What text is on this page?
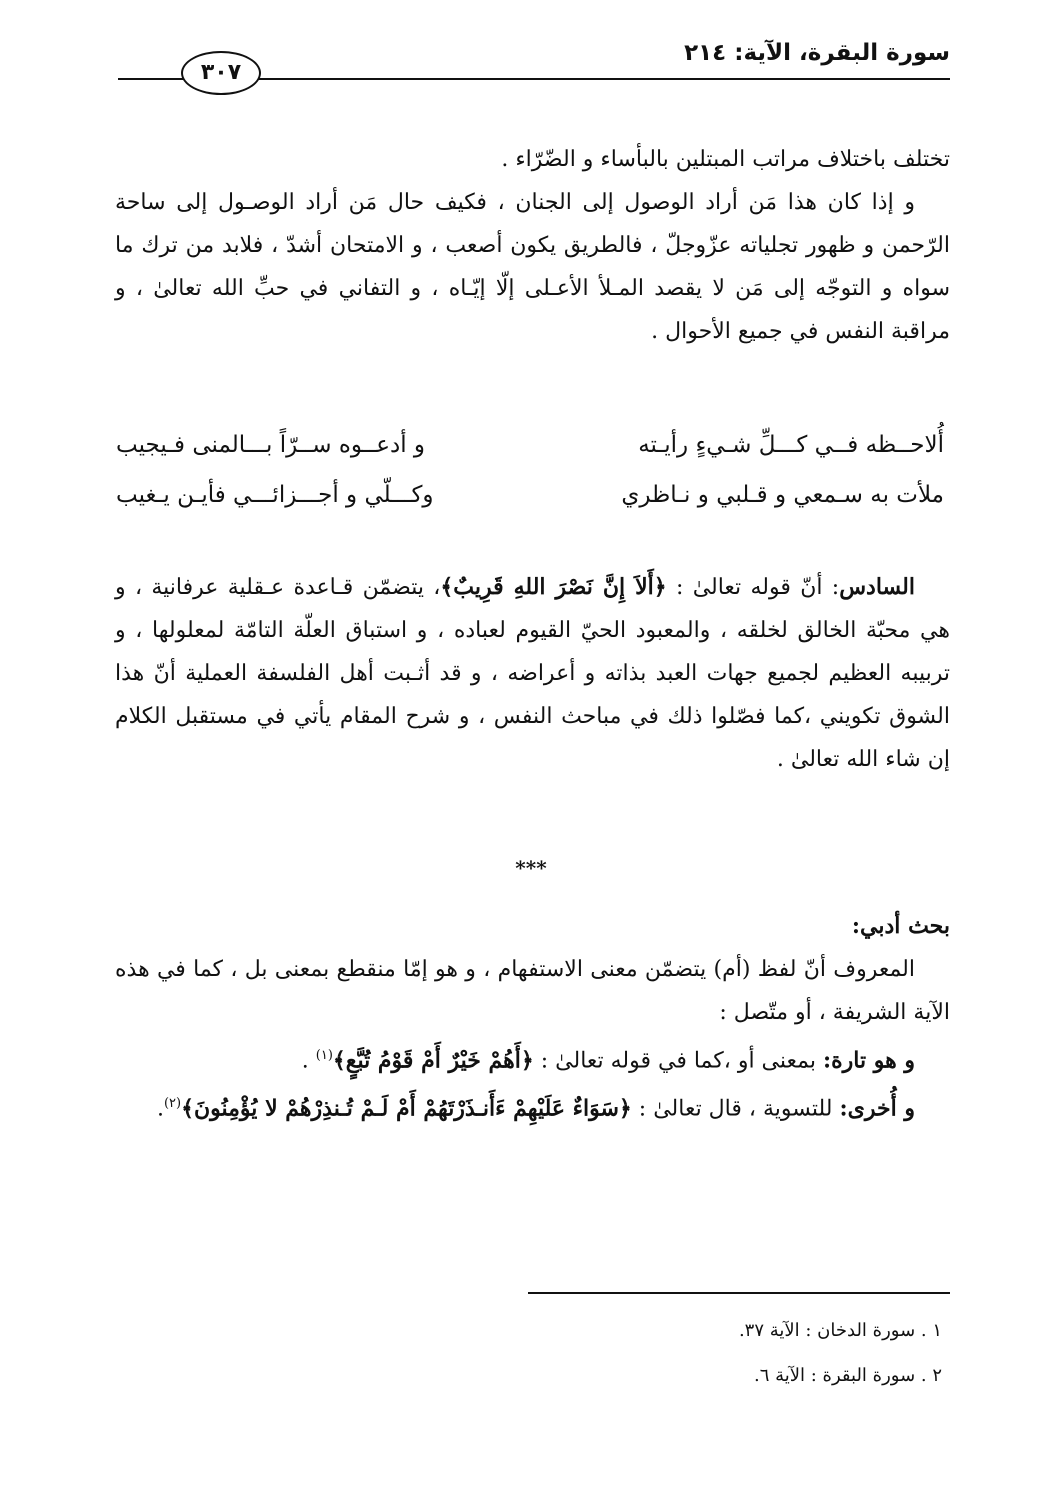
سورة البقرة، الآية: ٢١٤
٣٠٧

تختلف باختلاف مراتب المبتلين بالبأساء و الضّرّاء .

و إذا كان هذا مَن أراد الوصول إلى الجنان ، فكيف حال مَن أراد الوصـول إلى ساحة الرّحمن و ظهور تجلياته عزّوجلّ ، فالطريق يكون أصعب ، و الامتحان أشدّ ، فلابد من ترك ما سواه و التوجّه إلى مَن لا يقصد المـلأ الأعـلى إلّا إيّـاه ، و التفاني في حبِّ الله تعالىٰ ، و مراقبة النفس في جميع الأحوال .

أُلاحــظه فــي كـــلِّ شـيءٍ رأيـته
و أدعــوه ســرّاً بـــالمنى فـيجيب
ملأت به سـمعي و قـلبي و نـاظري
وكـــلّي و أجـــزائـــي فأيـن يـغيب

السادس: أنّ قوله تعالىٰ : ﴿أَلاَ إِنَّ نَصْرَ اللهِ قَرِيبٌ﴾، يتضمّن قـاعدة عـقلية عرفانية ، و هي محبّة الخالق لخلقه ، والمعبود الحيّ القيوم لعباده ، و استباق العلّة التامّة لمعلولها ، و تربيبه العظيم لجميع جهات العبد بذاته و أعراضه ، و قد أثـبت أهل الفلسفة العملية أنّ هذا الشوق تكويني ،كما فصّلوا ذلك في مباحث النفس ، و شرح المقام يأتي في مستقبل الكلام إن شاء الله تعالىٰ .

***

بحث أدبي:

المعروف أنّ لفظ (أم) يتضمّن معنى الاستفهام ، و هو إمّا منقطع بمعنى بل ، كما في هذه الآية الشريفة ، أو متّصل :

و هو تارة: بمعنى أو ،كما في قوله تعالىٰ : ﴿أَهُمْ خَيْرٌ أَمْ قَوْمُ تُبَّعٍ﴾$^{(١)}$ .

و أُخرى: للتسوية ، قال تعالىٰ : ﴿سَوَاءٌ عَلَيْهِمْ ءَأَنـذَرْتَهُمْ أَمْ لَـمْ تُـنذِرْهُمْ لا يُؤْمِنُونَ﴾$^{(٢)}$.

١ . سورة الدخان : الآية ٣٧.
٢ . سورة البقرة : الآية ٦.
